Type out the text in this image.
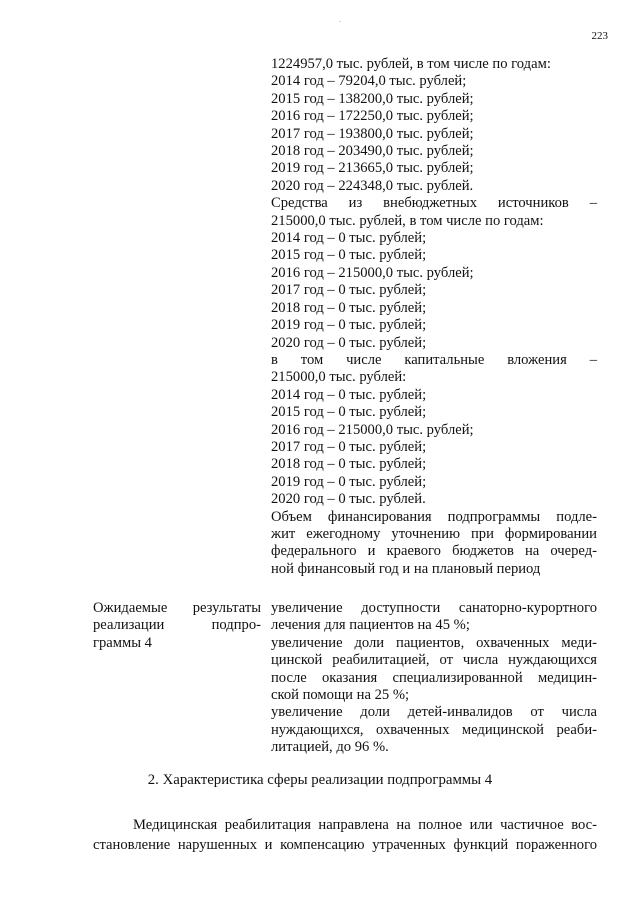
223
·
1224957,0 тыс. рублей, в том числе по годам:
2014 год – 79204,0 тыс. рублей;
2015 год – 138200,0 тыс. рублей;
2016 год – 172250,0 тыс. рублей;
2017 год – 193800,0 тыс. рублей;
2018 год – 203490,0 тыс. рублей;
2019 год – 213665,0 тыс. рублей;
2020 год – 224348,0 тыс. рублей.
Средства из внебюджетных источников –
215000,0 тыс. рублей, в том числе по годам:
2014 год – 0 тыс. рублей;
2015 год – 0 тыс. рублей;
2016 год – 215000,0 тыс. рублей;
2017 год – 0 тыс. рублей;
2018 год – 0 тыс. рублей;
2019 год – 0 тыс. рублей;
2020 год – 0 тыс. рублей;
в том числе капитальные вложения –
215000,0 тыс. рублей:
2014 год – 0 тыс. рублей;
2015 год – 0 тыс. рублей;
2016 год – 215000,0 тыс. рублей;
2017 год – 0 тыс. рублей;
2018 год – 0 тыс. рублей;
2019 год – 0 тыс. рублей;
2020 год – 0 тыс. рублей.
Объем финансирования подпрограммы подле-
жит ежегодному уточнению при формировании
федерального и краевого бюджетов на очеред-
ной финансовый год и на плановый период
Ожидаемые результаты
реализации подпро-
граммы 4
увеличение доступности санаторно-курортного
лечения для пациентов на 45 %;
увеличение доли пациентов, охваченных меди-
цинской реабилитацией, от числа нуждающихся
после оказания специализированной медицин-
ской помощи на 25 %;
увеличение доли детей-инвалидов от числа
нуждающихся, охваченных медицинской реаби-
литацией, до 96 %.
2. Характеристика сферы реализации подпрограммы 4
Медицинская реабилитация направлена на полное или частичное вос-
становление нарушенных и компенсацию утраченных функций пораженного
